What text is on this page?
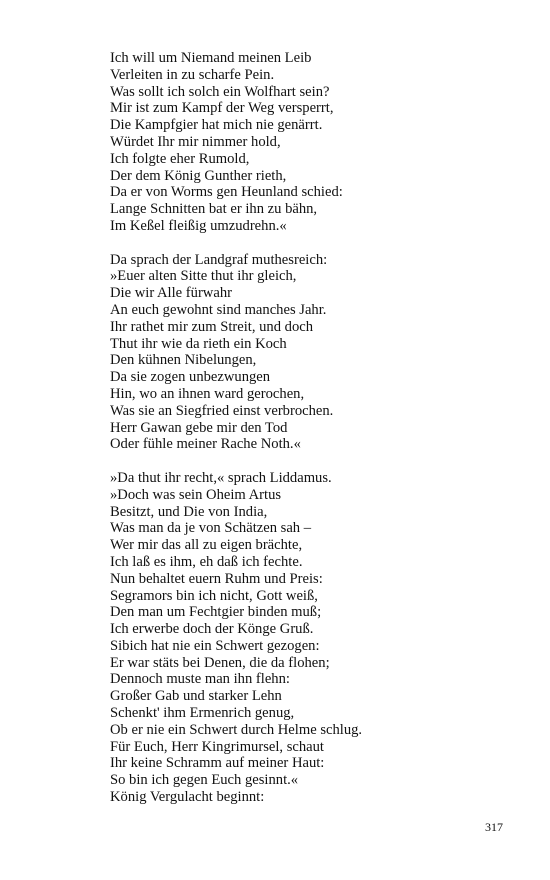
Ich will um Niemand meinen Leib
Verleiten in zu scharfe Pein.
Was sollt ich solch ein Wolfhart sein?
Mir ist zum Kampf der Weg versperrt,
Die Kampfgier hat mich nie genärrt.
Würdet Ihr mir nimmer hold,
Ich folgte eher Rumold,
Der dem König Gunther rieth,
Da er von Worms gen Heunland schied:
Lange Schnitten bat er ihn zu bähn,
Im Keßel fleißig umzudrehn.«
Da sprach der Landgraf muthesreich:
»Euer alten Sitte thut ihr gleich,
Die wir Alle fürwahr
An euch gewohnt sind manches Jahr.
Ihr rathet mir zum Streit, und doch
Thut ihr wie da rieth ein Koch
Den kühnen Nibelungen,
Da sie zogen unbezwungen
Hin, wo an ihnen ward gerochen,
Was sie an Siegfried einst verbrochen.
Herr Gawan gebe mir den Tod
Oder fühle meiner Rache Noth.«
»Da thut ihr recht,« sprach Liddamus.
»Doch was sein Oheim Artus
Besitzt, und Die von India,
Was man da je von Schätzen sah –
Wer mir das all zu eigen brächte,
Ich laß es ihm, eh daß ich fechte.
Nun behaltet euern Ruhm und Preis:
Segramors bin ich nicht, Gott weiß,
Den man um Fechtgier binden muß;
Ich erwerbe doch der Könge Gruß.
Sibich hat nie ein Schwert gezogen:
Er war stäts bei Denen, die da flohen;
Dennoch muste man ihn flehn:
Großer Gab und starker Lehn
Schenkt' ihm Ermenrich genug,
Ob er nie ein Schwert durch Helme schlug.
Für Euch, Herr Kingrimursel, schaut
Ihr keine Schramm auf meiner Haut:
So bin ich gegen Euch gesinnt.«
König Vergulacht beginnt:
317
